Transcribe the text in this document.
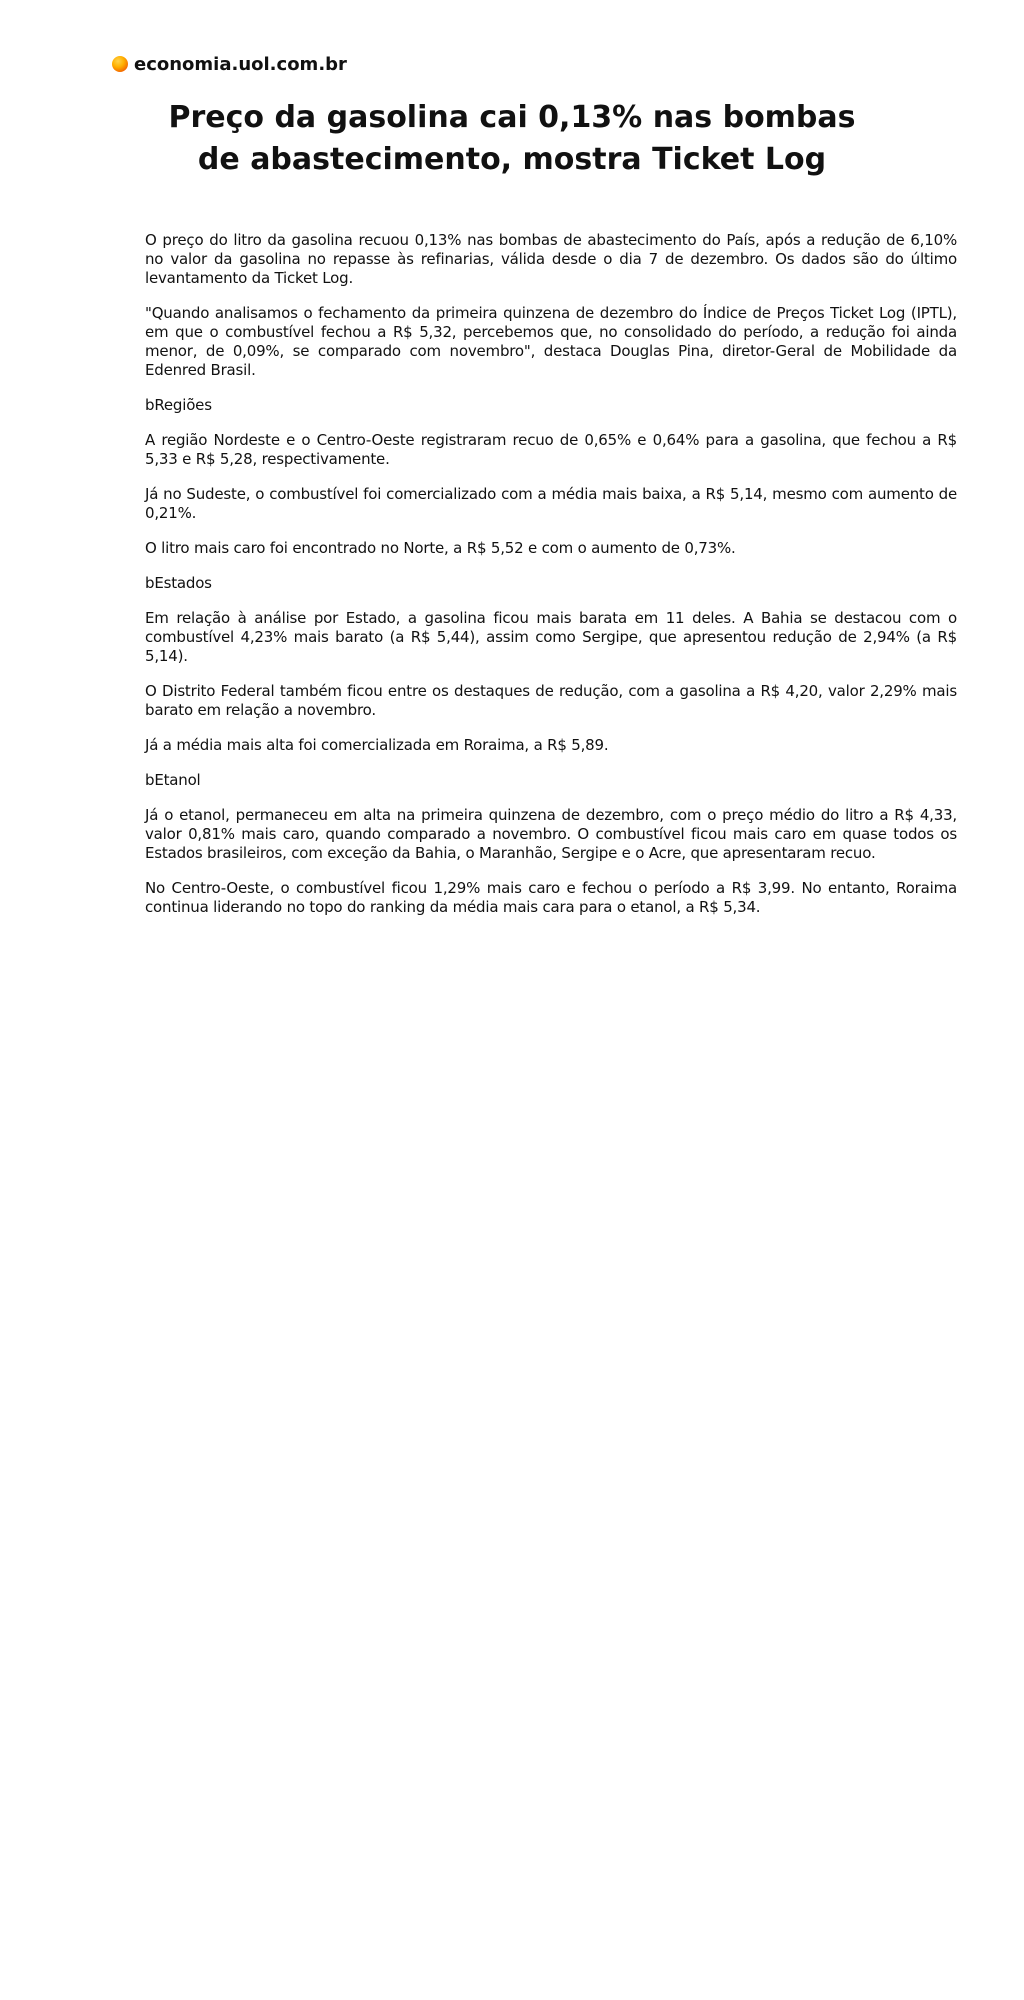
economia.uol.com.br
Preço da gasolina cai 0,13% nas bombas de abastecimento, mostra Ticket Log

O preço do litro da gasolina recuou 0,13% nas bombas de abastecimento do País, após a redução de 6,10% no valor da gasolina no repasse às refinarias, válida desde o dia 7 de dezembro. Os dados são do último levantamento da Ticket Log.

"Quando analisamos o fechamento da primeira quinzena de dezembro do Índice de Preços Ticket Log (IPTL), em que o combustível fechou a R$ 5,32, percebemos que, no consolidado do período, a redução foi ainda menor, de 0,09%, se comparado com novembro", destaca Douglas Pina, diretor-Geral de Mobilidade da Edenred Brasil.

bRegiões

A região Nordeste e o Centro-Oeste registraram recuo de 0,65% e 0,64% para a gasolina, que fechou a R$ 5,33 e R$ 5,28, respectivamente.

Já no Sudeste, o combustível foi comercializado com a média mais baixa, a R$ 5,14, mesmo com aumento de 0,21%.

O litro mais caro foi encontrado no Norte, a R$ 5,52 e com o aumento de 0,73%.

bEstados

Em relação à análise por Estado, a gasolina ficou mais barata em 11 deles. A Bahia se destacou com o combustível 4,23% mais barato (a R$ 5,44), assim como Sergipe, que apresentou redução de 2,94% (a R$ 5,14).

O Distrito Federal também ficou entre os destaques de redução, com a gasolina a R$ 4,20, valor 2,29% mais barato em relação a novembro.

Já a média mais alta foi comercializada em Roraima, a R$ 5,89.

bEtanol

Já o etanol, permaneceu em alta na primeira quinzena de dezembro, com o preço médio do litro a R$ 4,33, valor 0,81% mais caro, quando comparado a novembro. O combustível ficou mais caro em quase todos os Estados brasileiros, com exceção da Bahia, o Maranhão, Sergipe e o Acre, que apresentaram recuo.

No Centro-Oeste, o combustível ficou 1,29% mais caro e fechou o período a R$ 3,99. No entanto, Roraima continua liderando no topo do ranking da média mais cara para o etanol, a R$ 5,34.
